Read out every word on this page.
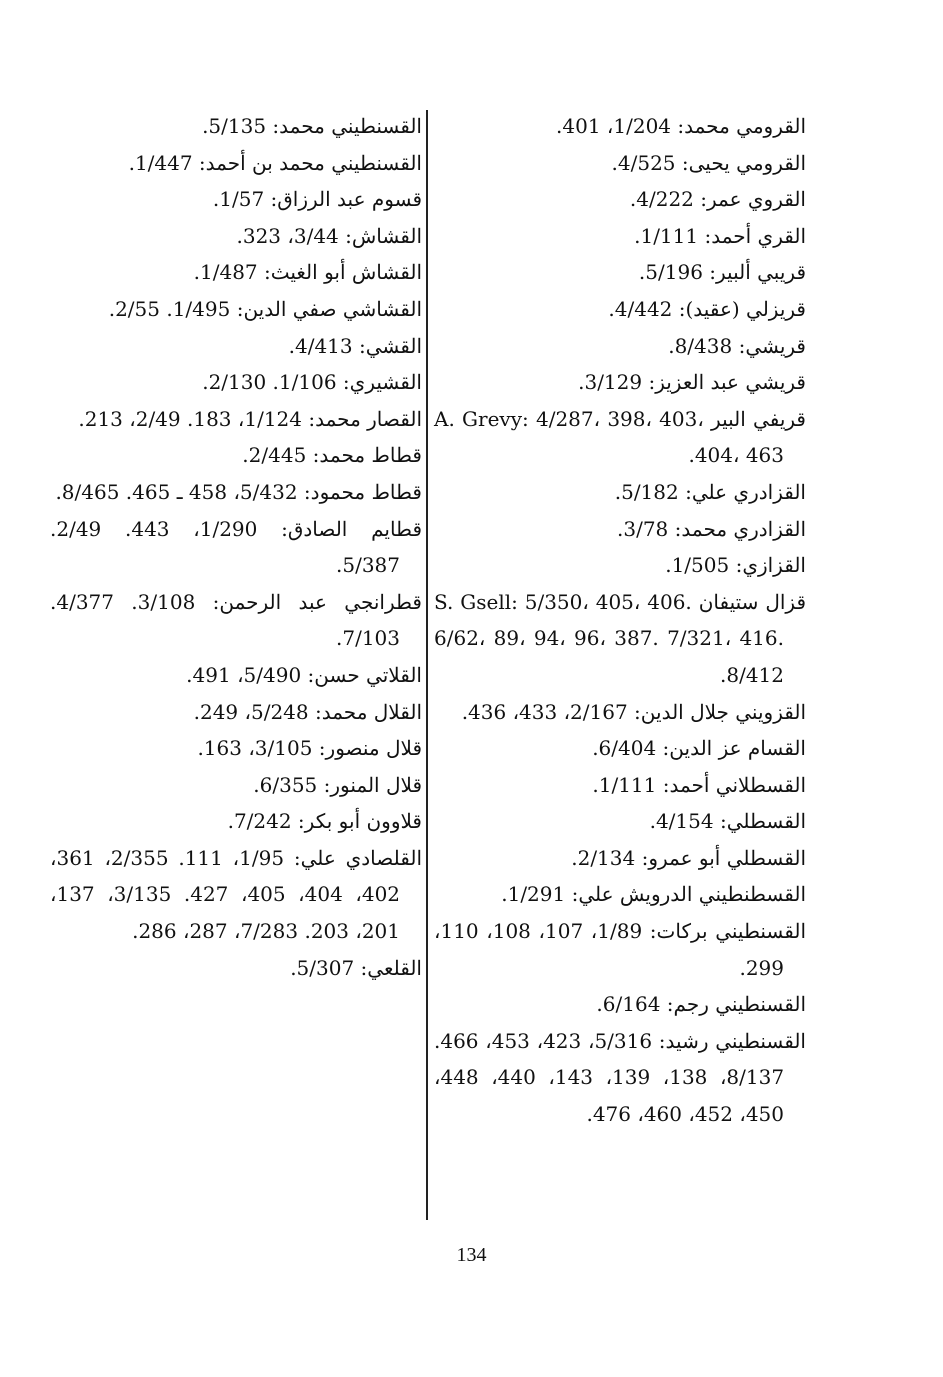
القرومي محمد: 1/204، 401.

القرومي يحيى: 4/525.

القروي عمر: 4/222.

القري أحمد: 1/111.

قريبي ألبير: 5/196.

قريزلي (عقيد): 4/442.

قريشي: 8/438.

قريشي عبد العزيز: 3/129.

قريفي البير A. Grevy: 4/287، 398، 403، 404، 463.

القزادري علي: 5/182.

القزادري محمد: 3/78.

القزازي: 1/505.

قزال ستيفان S. Gsell: 5/350، 405، 406. 6/62، 89، 94، 96، 387. 7/321، 416. 8/412.

القزويني جلال الدين: 2/167، 433، 436.

القسام عز الدين: 6/404.

القسطلاني أحمد: 1/111.

القسطلي: 4/154.

القسطلي أبو عمرو: 2/134.

القسطنطيني الدرويش علي: 1/291.

القسنطيني بركات: 1/89، 107، 108، 110، 299.

القسنطيني رجم: 6/164.

القسنطيني رشيد: 5/316، 423، 453، 466. 8/137، 138، 139، 143، 440، 448، 450، 452، 460، 476.

القسنطيني محمد: 5/135.

القسنطيني محمد بن أحمد: 1/447.

قسوم عبد الرزاق: 1/57.

القشاش: 3/44، 323.

القشاش أبو الغيث: 1/487.

القشاشي صفي الدين: 1/495. 2/55.

القشي: 4/413.

القشيري: 1/106. 2/130.

القصار محمد: 1/124، 183. 2/49، 213.

قطاط محمد: 2/445.

قطاط محمود: 5/432، 458 ـ 465. 8/465.

قطايم الصادق: 1/290، 443. 2/49. 5/387.

قطرانجي عبد الرحمن: 3/108. 4/377. 7/103.

القلاتي حسن: 5/490، 491.

القلال محمد: 5/248، 249.

قلال منصور: 3/105، 163.

قلال المنور: 6/355.

قلاوون أبو بكر: 7/242.

القلصادي علي: 1/95، 111. 2/355، 361، 402، 404، 405، 427. 3/135، 137، 201، 203. 7/283، 287، 286.

القلعي: 5/307.

134
